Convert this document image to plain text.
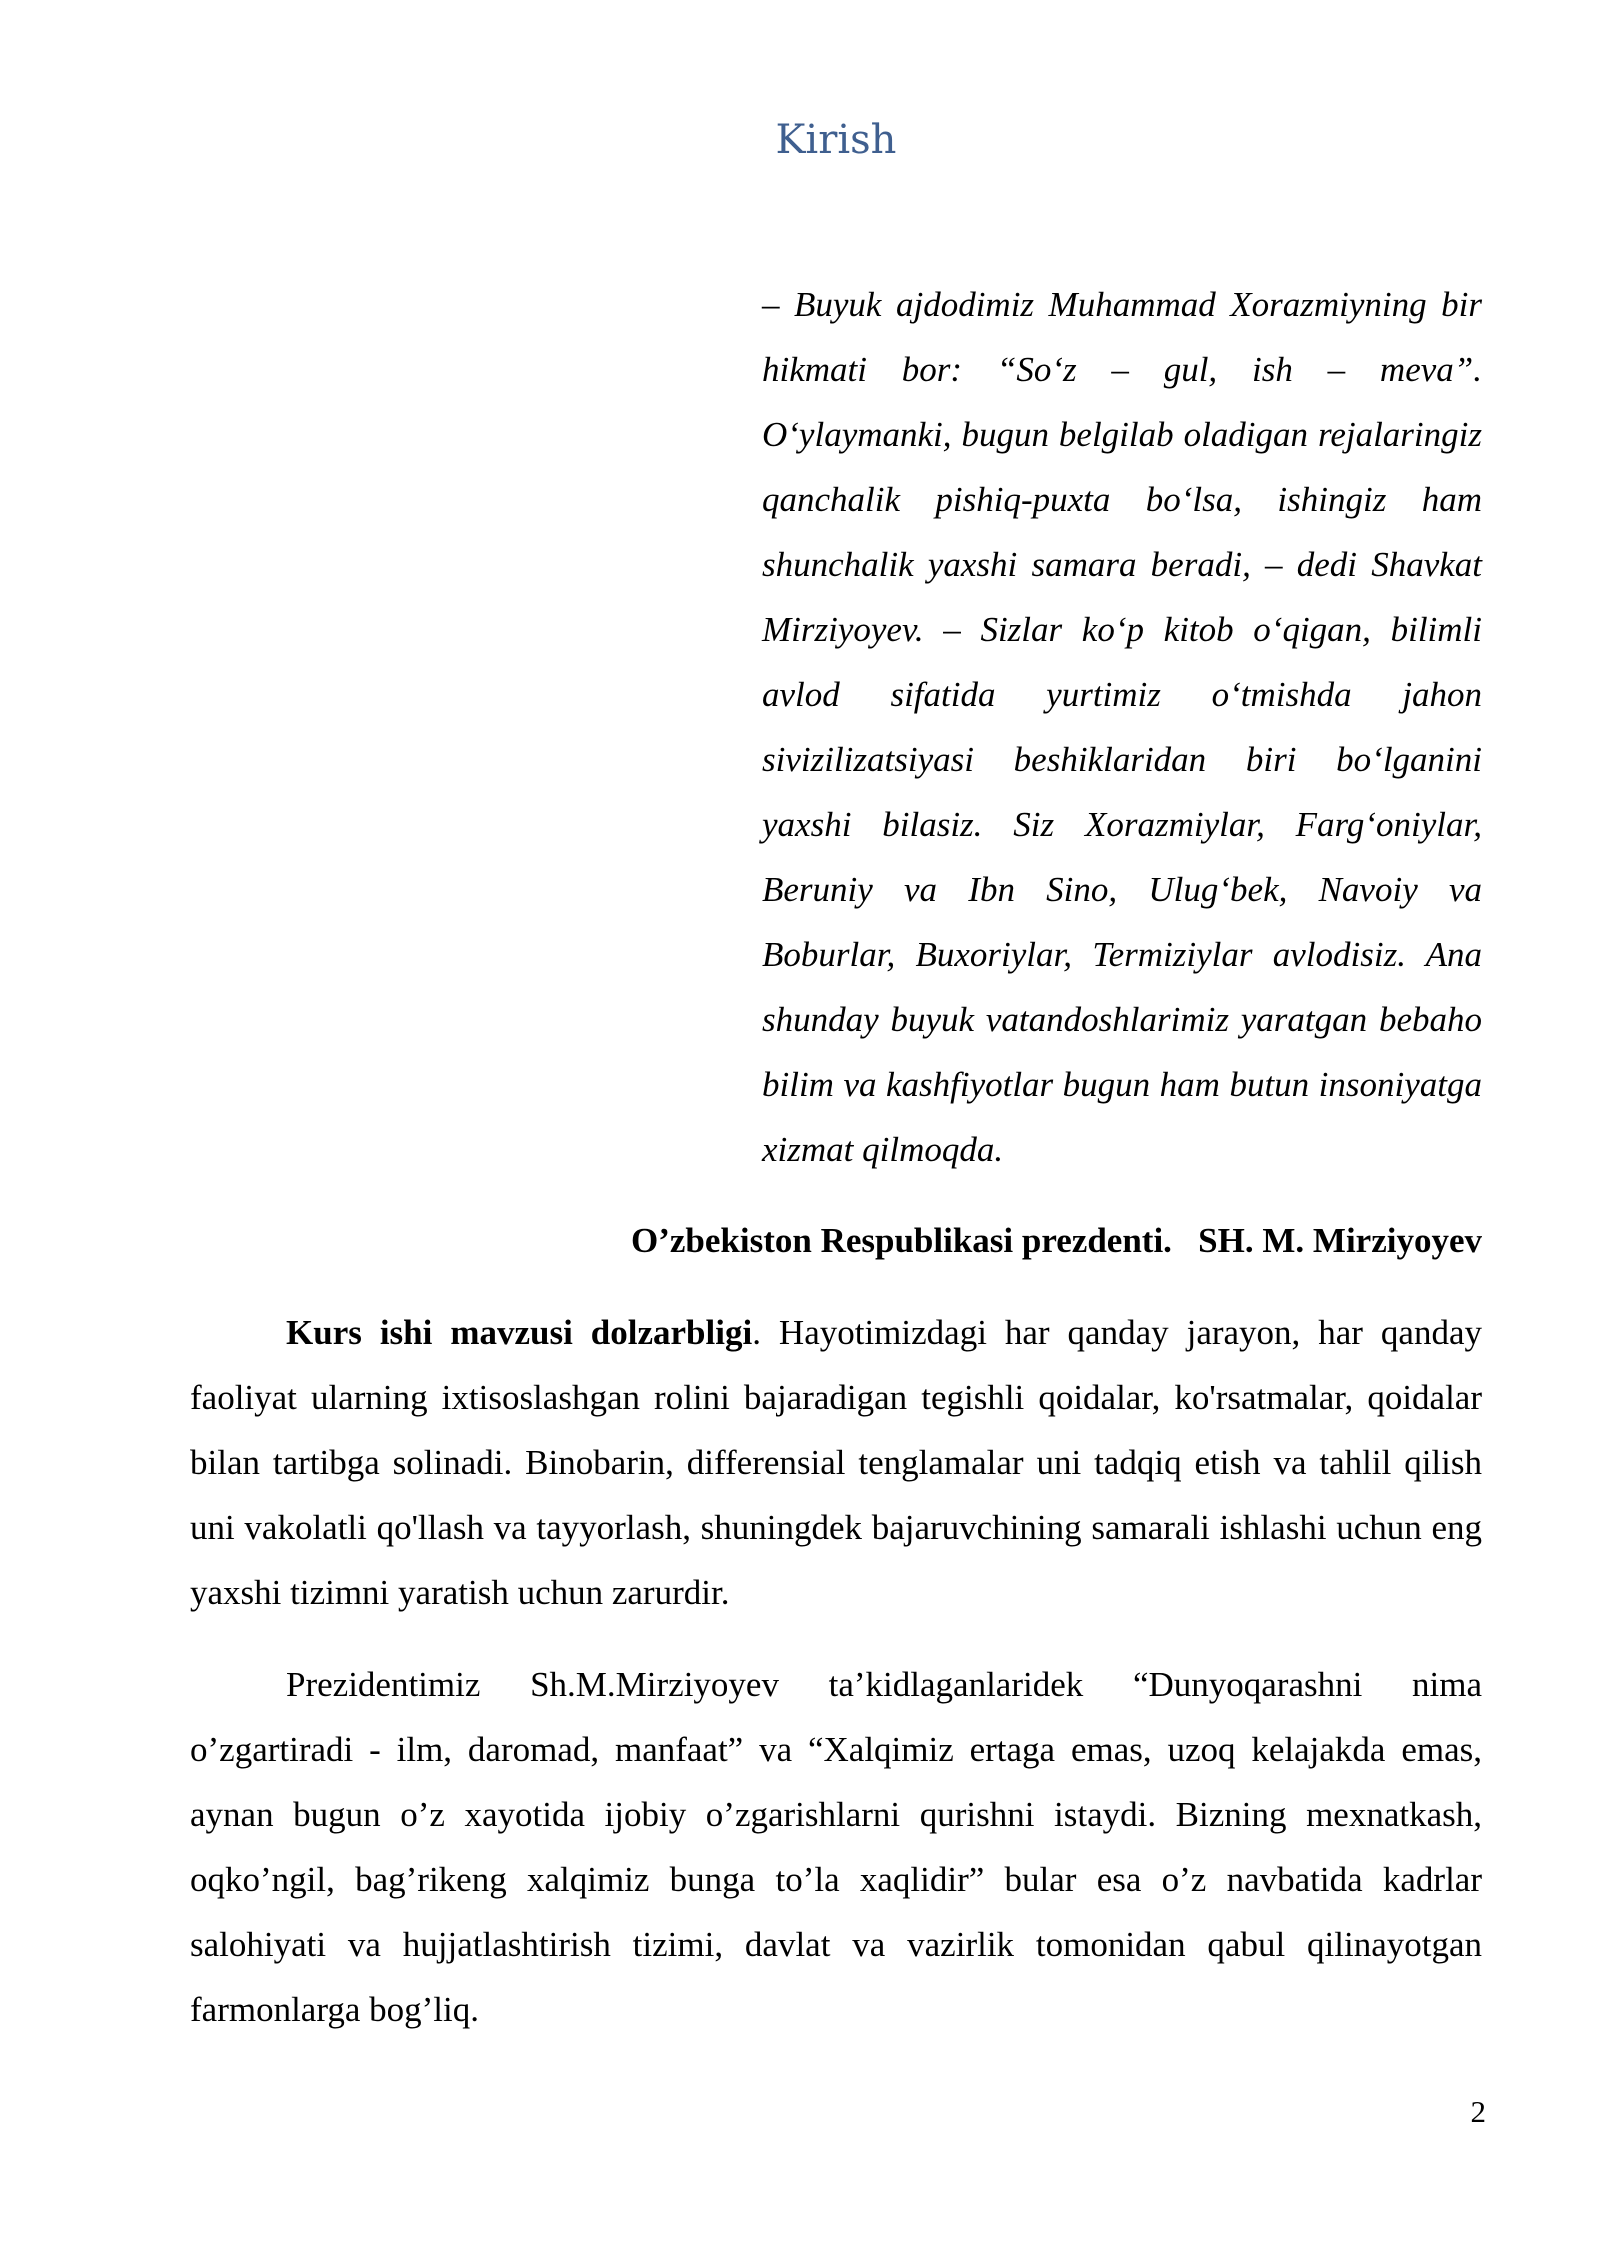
Kirish

– Buyuk ajdodimiz Muhammad Xorazmiyning bir hikmati bor: “So‘z – gul, ish – meva”. O‘ylaymanki, bugun belgilab oladigan rejalaringiz qanchalik pishiq-puxta bo‘lsa, ishingiz ham shunchalik yaxshi samara beradi, – dedi Shavkat Mirziyoyev. – Sizlar ko‘p kitob o‘qigan, bilimli avlod sifatida yurtimiz o‘tmishda jahon sivizilizatsiyasi beshiklaridan biri bo‘lganini yaxshi bilasiz. Siz Xorazmiylar, Farg‘oniylar, Beruniy va Ibn Sino, Ulug‘bek, Navoiy va Boburlar, Buxoriylar, Termiziylar avlodisiz. Ana shunday buyuk vatandoshlarimiz yaratgan bebaho bilim va kashfiyotlar bugun ham butun insoniyatga xizmat qilmoqda.

O’zbekiston Respublikasi prezdenti.   SH. M. Mirziyoyev

Kurs ishi mavzusi dolzarbligi. Hayotimizdagi har qanday jarayon, har qanday faoliyat ularning ixtisoslashgan rolini bajaradigan tegishli qoidalar, ko'rsatmalar, qoidalar bilan tartibga solinadi. Binobarin, differensial tenglamalar uni tadqiq etish va tahlil qilish uni vakolatli qo'llash va tayyorlash, shuningdek bajaruvchining samarali ishlashi uchun eng yaxshi tizimni yaratish uchun zarurdir.

Prezidentimiz Sh.M.Mirziyoyev ta’kidlaganlaridek “Dunyoqarashni nima o’zgartiradi - ilm, daromad, manfaat” va “Xalqimiz ertaga emas, uzoq kelajakda emas, aynan bugun o’z xayotida ijobiy o’zgarishlarni qurishni istaydi. Bizning mexnatkash, oqko’ngil, bag’rikeng xalqimiz bunga to’la xaqlidir” bular esa o’z navbatida kadrlar salohiyati va hujjatlashtirish tizimi, davlat va vazirlik tomonidan qabul qilinayotgan farmonlarga bog’liq.

2
